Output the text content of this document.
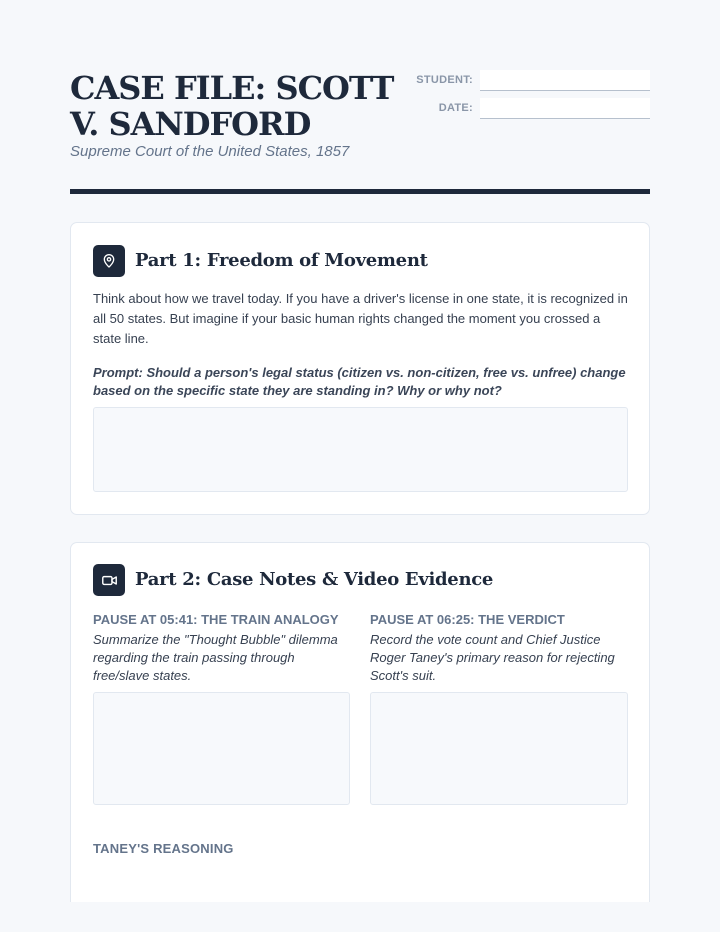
CASE FILE: SCOTT V. SANDFORD
Supreme Court of the United States, 1857
STUDENT:
DATE:
Part 1: Freedom of Movement

Think about how we travel today. If you have a driver's license in one state, it is recognized in all 50 states. But imagine if your basic human rights changed the moment you crossed a state line.

Prompt: Should a person's legal status (citizen vs. non-citizen, free vs. unfree) change based on the specific state they are standing in? Why or why not?

Part 2: Case Notes & Video Evidence
PAUSE AT 05:41: THE TRAIN ANALOGY

Summarize the "Thought Bubble" dilemma regarding the train passing through free/slave states.

PAUSE AT 06:25: THE VERDICT

Record the vote count and Chief Justice Roger Taney's primary reason for rejecting Scott's suit.

TANEY'S REASONING
